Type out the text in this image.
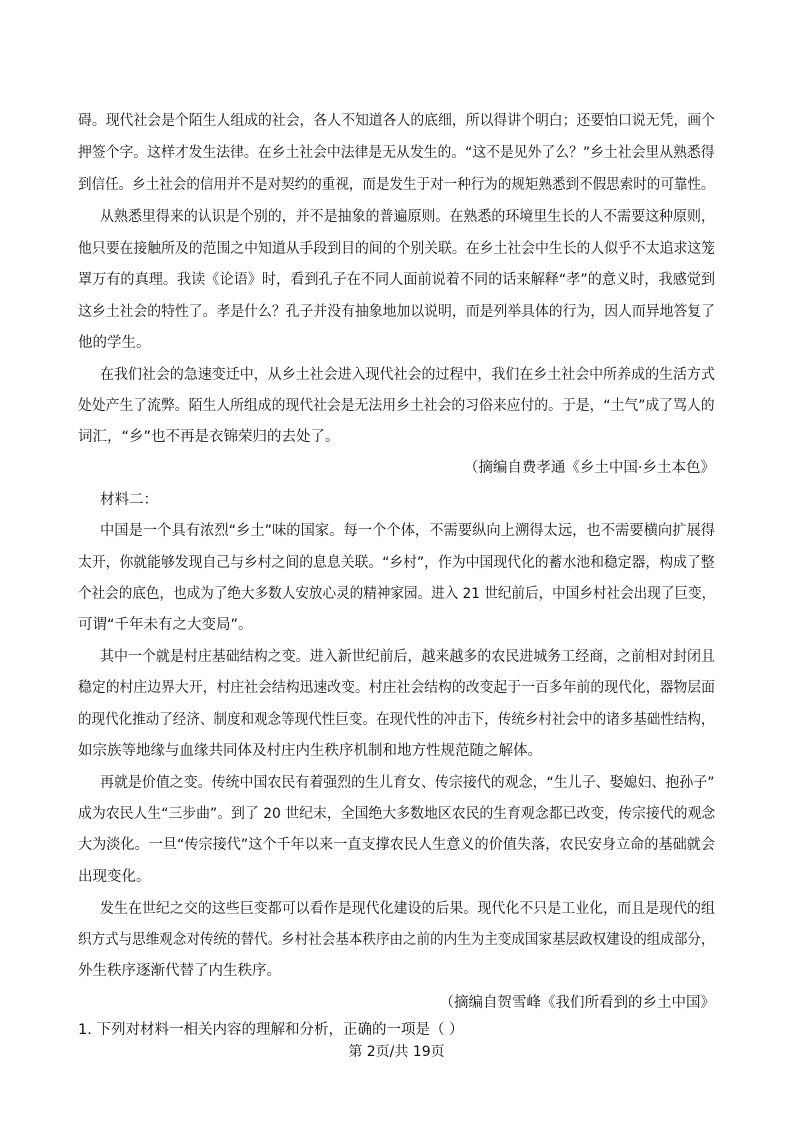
碍。现代社会是个陌生人组成的社会，各人不知道各人的底细，所以得讲个明白；还要怕口说无凭，画个
押签个字。这样才发生法律。在乡土社会中法律是无从发生的。“这不是见外了么？”乡土社会里从熟悉得
到信任。乡土社会的信用并不是对契约的重视，而是发生于对一种行为的规矩熟悉到不假思索时的可靠性。
从熟悉里得来的认识是个别的，并不是抽象的普遍原则。在熟悉的环境里生长的人不需要这种原则，
他只要在接触所及的范围之中知道从手段到目的间的个别关联。在乡土社会中生长的人似乎不太追求这笼
罩万有的真理。我读《论语》时，看到孔子在不同人面前说着不同的话来解释“孝”的意义时，我感觉到
这乡土社会的特性了。孝是什么？孔子并没有抽象地加以说明，而是列举具体的行为，因人而异地答复了
他的学生。
在我们社会的急速变迁中，从乡土社会进入现代社会的过程中，我们在乡土社会中所养成的生活方式
处处产生了流弊。陌生人所组成的现代社会是无法用乡土社会的习俗来应付的。于是，“土气”成了骂人的
词汇，“乡”也不再是衣锦荣归的去处了。
（摘编自费孝通《乡土中国·乡土本色》
材料二：
中国是一个具有浓烈“乡土”味的国家。每一个个体，不需要纵向上溯得太远，也不需要横向扩展得
太开，你就能够发现自己与乡村之间的息息关联。“乡村”，作为中国现代化的蓄水池和稳定器，构成了整
个社会的底色，也成为了绝大多数人安放心灵的精神家园。进入 21 世纪前后，中国乡村社会出现了巨变，
可谓“千年未有之大变局”。
其中一个就是村庄基础结构之变。进入新世纪前后，越来越多的农民进城务工经商，之前相对封闭且
稳定的村庄边界大开，村庄社会结构迅速改变。村庄社会结构的改变起于一百多年前的现代化，器物层面
的现代化推动了经济、制度和观念等现代性巨变。在现代性的冲击下，传统乡村社会中的诸多基础性结构，
如宗族等地缘与血缘共同体及村庄内生秩序机制和地方性规范随之解体。
再就是价值之变。传统中国农民有着强烈的生儿育女、传宗接代的观念，“生儿子、娶媳妇、抱孙子”
成为农民人生“三步曲”。到了 20 世纪末，全国绝大多数地区农民的生育观念都已改变，传宗接代的观念
大为淡化。一旦“传宗接代”这个千年以来一直支撑农民人生意义的价值失落，农民安身立命的基础就会
出现变化。
发生在世纪之交的这些巨变都可以看作是现代化建设的后果。现代化不只是工业化，而且是现代的组
织方式与思维观念对传统的替代。乡村社会基本秩序由之前的内生为主变成国家基层政权建设的组成部分，
外生秩序逐渐代替了内生秩序。
（摘编自贺雪峰《我们所看到的乡土中国》
1. 下列对材料一相关内容的理解和分析，正确的一项是（ ）
第 2页/共 19页
